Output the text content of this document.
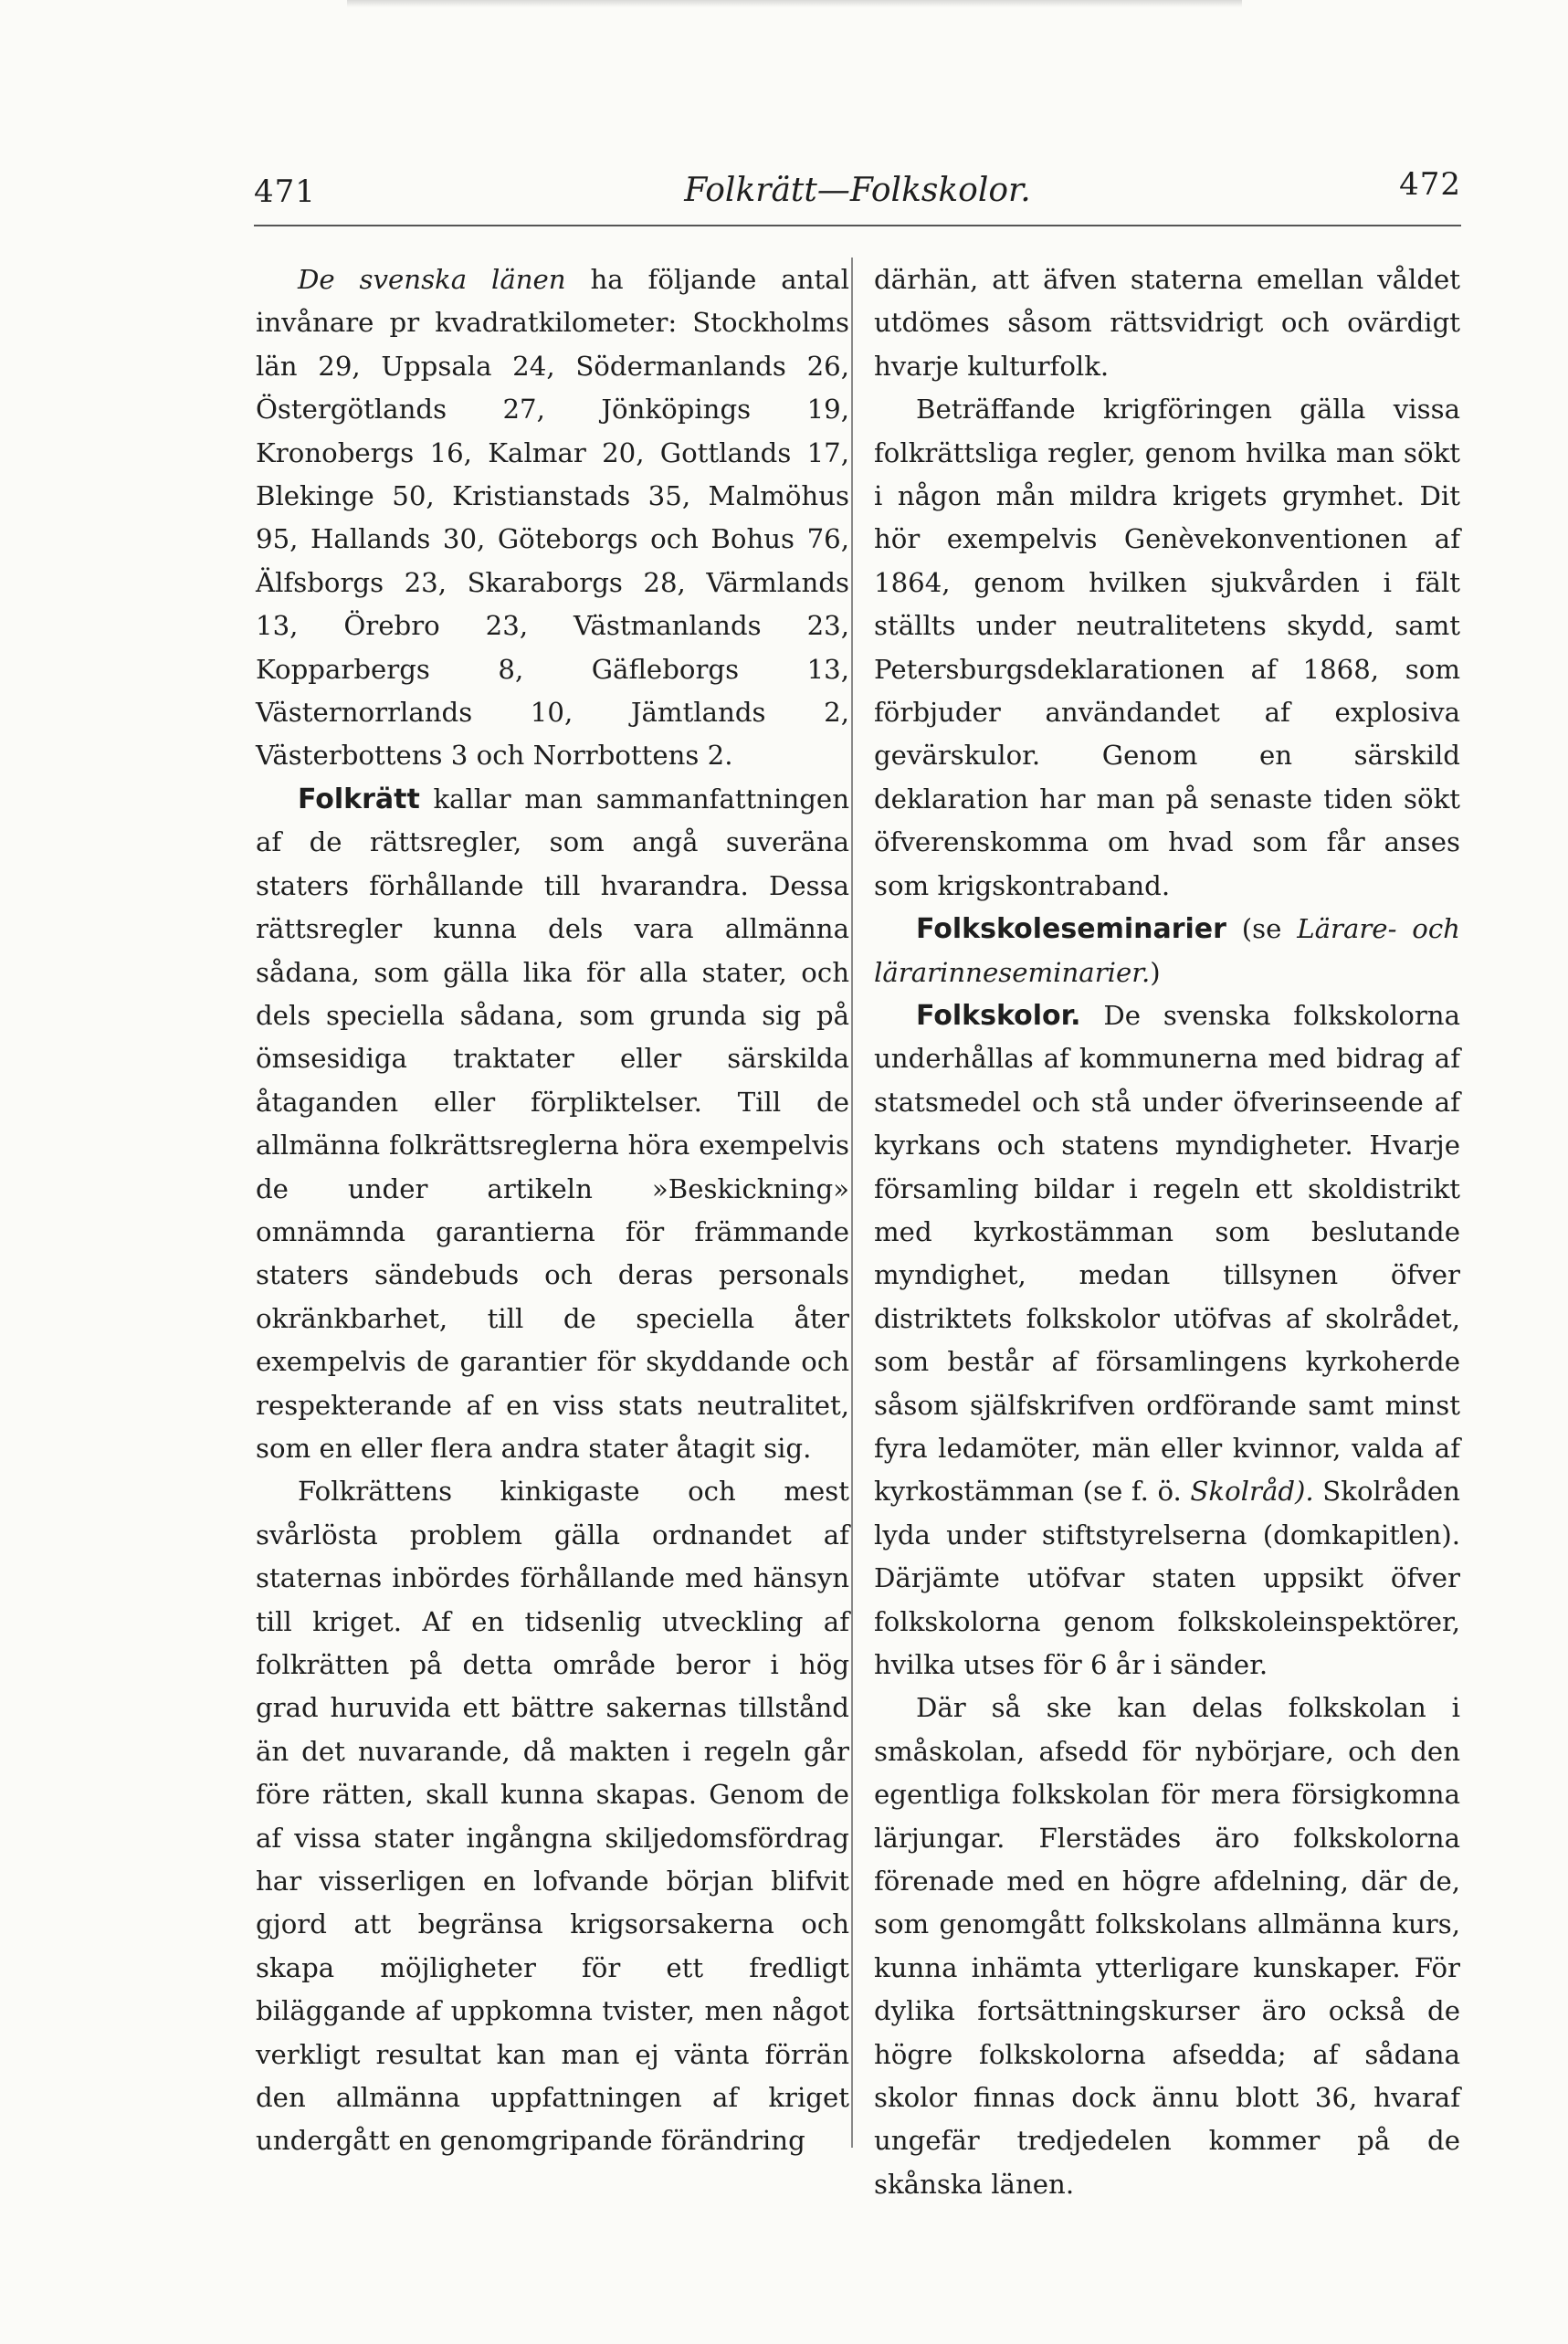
471	Folkrätt—Folkskolor.	472

De svenska länen ha följande antal invånare pr kvadratkilometer: Stockholms län 29, Uppsala 24, Södermanlands 26, Östergötlands 27, Jönköpings 19, Kronobergs 16, Kalmar 20, Gottlands 17, Blekinge 50, Kristianstads 35, Malmöhus 95, Hallands 30, Göteborgs och Bohus 76, Älfsborgs 23, Skaraborgs 28, Värmlands 13, Örebro 23, Västmanlands 23, Kopparbergs 8, Gäfleborgs 13, Västernorrlands 10, Jämtlands 2, Västerbottens 3 och Norrbottens 2.

Folkrätt kallar man sammanfattningen af de rättsregler, som angå suveräna staters förhållande till hvarandra. Dessa rättsregler kunna dels vara allmänna sådana, som gälla lika för alla stater, och dels speciella sådana, som grunda sig på ömsesidiga traktater eller särskilda åtaganden eller förpliktelser. Till de allmänna folkrättsreglerna höra exempelvis de under artikeln »Beskickning» omnämnda garantierna för främmande staters sändebuds och deras personals okränkbarhet, till de speciella åter exempelvis de garantier för skyddande och respekterande af en viss stats neutralitet, som en eller flera andra stater åtagit sig.

Folkrättens kinkigaste och mest svårlösta problem gälla ordnandet af staternas inbördes förhållande med hänsyn till kriget. Af en tidsenlig utveckling af folkrätten på detta område beror i hög grad huruvida ett bättre sakernas tillstånd än det nuvarande, då makten i regeln går före rätten, skall kunna skapas. Genom de af vissa stater ingångna skiljedomsfördrag har visserligen en lofvande början blifvit gjord att begränsa krigsorsakerna och skapa möjligheter för ett fredligt biläggande af uppkomna tvister, men något verkligt resultat kan man ej vänta förrän den allmänna uppfattningen af kriget undergått en genomgripande förändring

därhän, att äfven staterna emellan våldet utdömes såsom rättsvidrigt och ovärdigt hvarje kulturfolk.

Beträffande krigföringen gälla vissa folkrättsliga regler, genom hvilka man sökt i någon mån mildra krigets grymhet. Dit hör exempelvis Genèvekonventionen af 1864, genom hvilken sjukvården i fält ställts under neutralitetens skydd, samt Petersburgsdeklarationen af 1868, som förbjuder användandet af explosiva gevärskulor. Genom en särskild deklaration har man på senaste tiden sökt öfverenskomma om hvad som får anses som krigskontraband.

Folkskoleseminarier (se Lärare- och lärarinneseminarier.)

Folkskolor. De svenska folkskolorna underhållas af kommunerna med bidrag af statsmedel och stå under öfverinseende af kyrkans och statens myndigheter. Hvarje församling bildar i regeln ett skoldistrikt med kyrkostämman som beslutande myndighet, medan tillsynen öfver distriktets folkskolor utöfvas af skolrådet, som består af församlingens kyrkoherde såsom själfskrifven ordförande samt minst fyra ledamöter, män eller kvinnor, valda af kyrkostämman (se f. ö. Skolråd). Skolråden lyda under stiftstyrelserna (domkapitlen). Därjämte utöfvar staten uppsikt öfver folkskolorna genom folkskoleinspektörer, hvilka utses för 6 år i sänder.

Där så ske kan delas folkskolan i småskolan, afsedd för nybörjare, och den egentliga folkskolan för mera försigkomna lärjungar. Flerstädes äro folkskolorna förenade med en högre afdelning, där de, som genomgått folkskolans allmänna kurs, kunna inhämta ytterligare kunskaper. För dylika fortsättningskurser äro också de högre folkskolorna afsedda; af sådana skolor finnas dock ännu blott 36, hvaraf ungefär tredjedelen kommer på de skånska länen.
